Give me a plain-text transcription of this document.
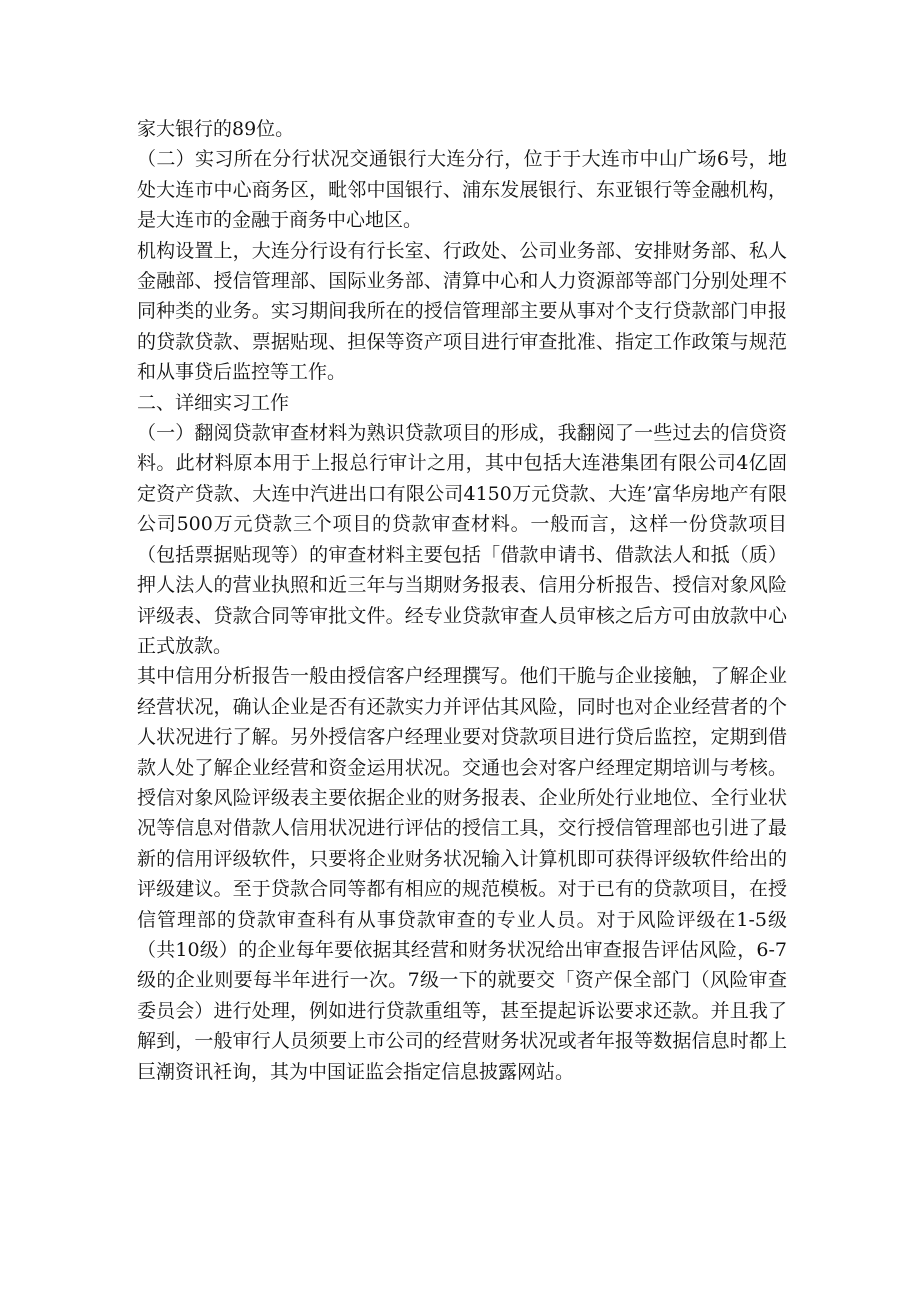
家大银行的89位。

（二）实习所在分行状况交通银行大连分行，位于于大连市中山广场6号，地处大连市中心商务区，毗邻中国银行、浦东发展银行、东亚银行等金融机构，是大连市的金融于商务中心地区。

机构设置上，大连分行设有行长室、行政处、公司业务部、安排财务部、私人金融部、授信管理部、国际业务部、清算中心和人力资源部等部门分别处理不同种类的业务。实习期间我所在的授信管理部主要从事对个支行贷款部门申报的贷款贷款、票据贴现、担保等资产项目进行审查批准、指定工作政策与规范和从事贷后监控等工作。

二、详细实习工作

（一）翻阅贷款审查材料为熟识贷款项目的形成，我翻阅了一些过去的信贷资料。此材料原本用于上报总行审计之用，其中包括大连港集团有限公司4亿固定资产贷款、大连中汽进出口有限公司4150万元贷款、大连’富华房地产有限公司500万元贷款三个项目的贷款审查材料。一般而言，这样一份贷款项目（包括票据贴现等）的审查材料主要包括「借款申请书、借款法人和抵（质）押人法人的营业执照和近三年与当期财务报表、信用分析报告、授信对象风险评级表、贷款合同等审批文件。经专业贷款审查人员审核之后方可由放款中心正式放款。

其中信用分析报告一般由授信客户经理撰写。他们干脆与企业接触，了解企业经营状况，确认企业是否有还款实力并评估其风险，同时也对企业经营者的个人状况进行了解。另外授信客户经理业要对贷款项目进行贷后监控，定期到借款人处了解企业经营和资金运用状况。交通也会对客户经理定期培训与考核。授信对象风险评级表主要依据企业的财务报表、企业所处行业地位、全行业状况等信息对借款人信用状况进行评估的授信工具，交行授信管理部也引进了最新的信用评级软件，只要将企业财务状况输入计算机即可获得评级软件给出的评级建议。至于贷款合同等都有相应的规范模板。对于已有的贷款项目，在授信管理部的贷款审查科有从事贷款审查的专业人员。对于风险评级在1-5级（共10级）的企业每年要依据其经营和财务状况给出审查报告评估风险，6-7级的企业则要每半年进行一次。7级一下的就要交「资产保全部门（风险审查委员会）进行处理，例如进行贷款重组等，甚至提起诉讼要求还款。并且我了解到，一般审行人员须要上市公司的经营财务状况或者年报等数据信息时都上巨潮资讯衽询，其为中国证监会指定信息披露网站。
